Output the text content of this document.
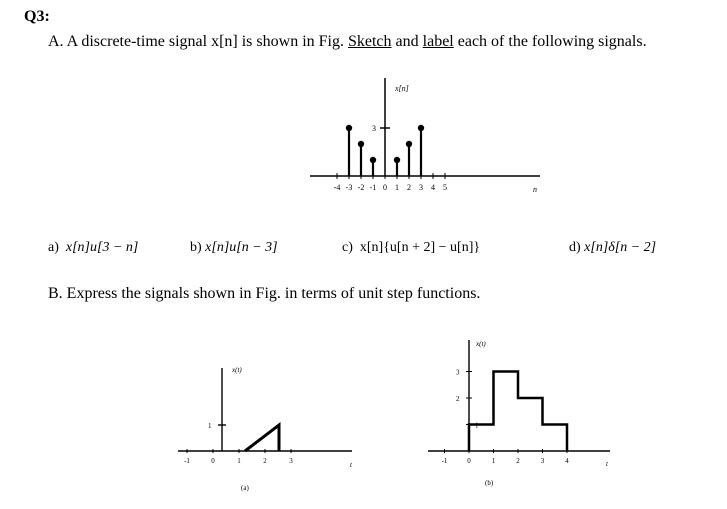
Q3:
A. A discrete-time signal x[n] is shown in Fig. Sketch and label each of the following signals.
x[n]
3
n
-4 -3 -2 -1 0 1 2 3 4 5
a) x[n]u[3 − n]	b) x[n]u[n − 3]	c) x[n]{u[n + 2] − u[n]}	d) x[n]δ[n − 2]
B. Express the signals shown in Fig. in terms of unit step functions.
x(t)
1
t
(a)
-1	0	1	2	3
x(t)
1
2
3
t
(b)
-1	0	1	2	3	4
